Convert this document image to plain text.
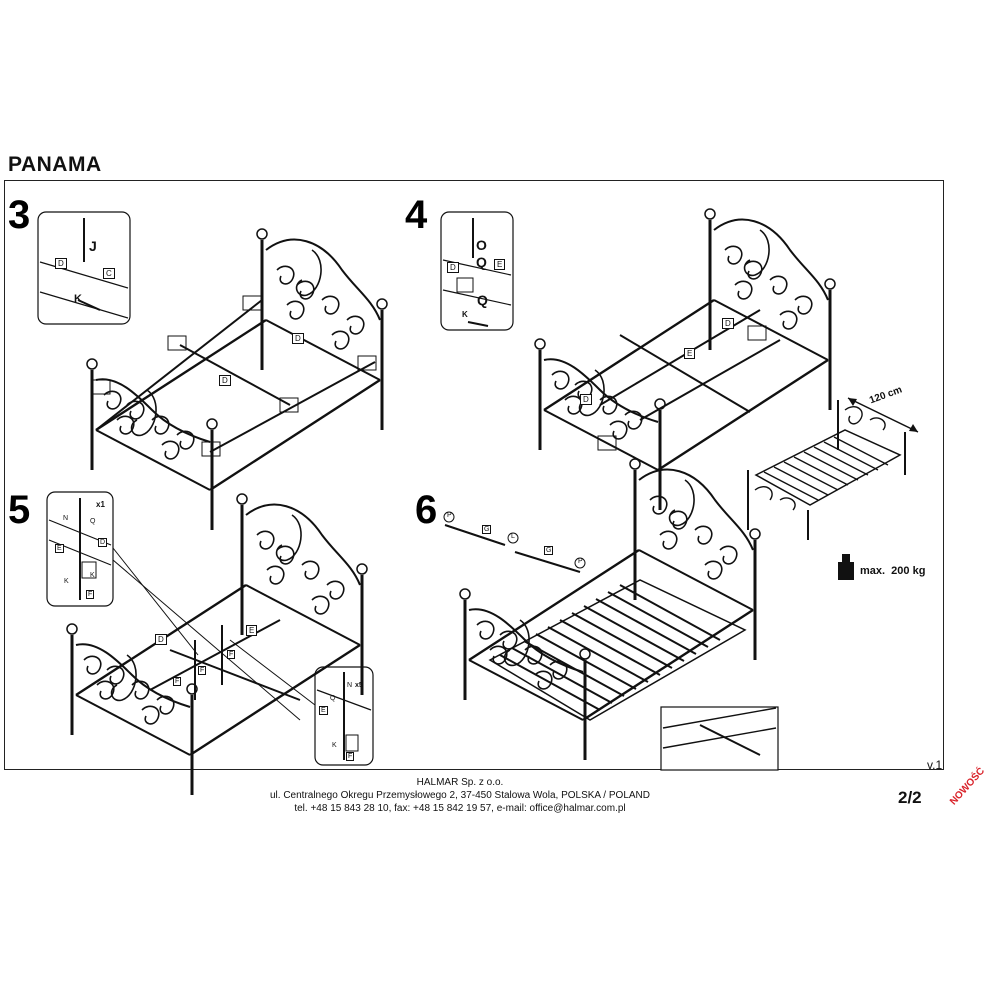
PANAMA
3	4
5	6
J
D
C
K
D
D
O
Q
D	E
Q
K
D
E
D
x1
N	Q
E
D
K
K
F
D
E
F
F
F
N x5
Q
E
K
F
P
G
L
G
P
120 cm
max.  200 kg
v.1
HALMAR Sp. z o.o.
ul. Centralnego Okregu Przemysłowego 2, 37-450 Stalowa Wola, POLSKA / POLAND
tel. +48 15 843 28 10, fax: +48 15 842 19 57, e-mail: office@halmar.com.pl
2/2	NOWOŚĆ
